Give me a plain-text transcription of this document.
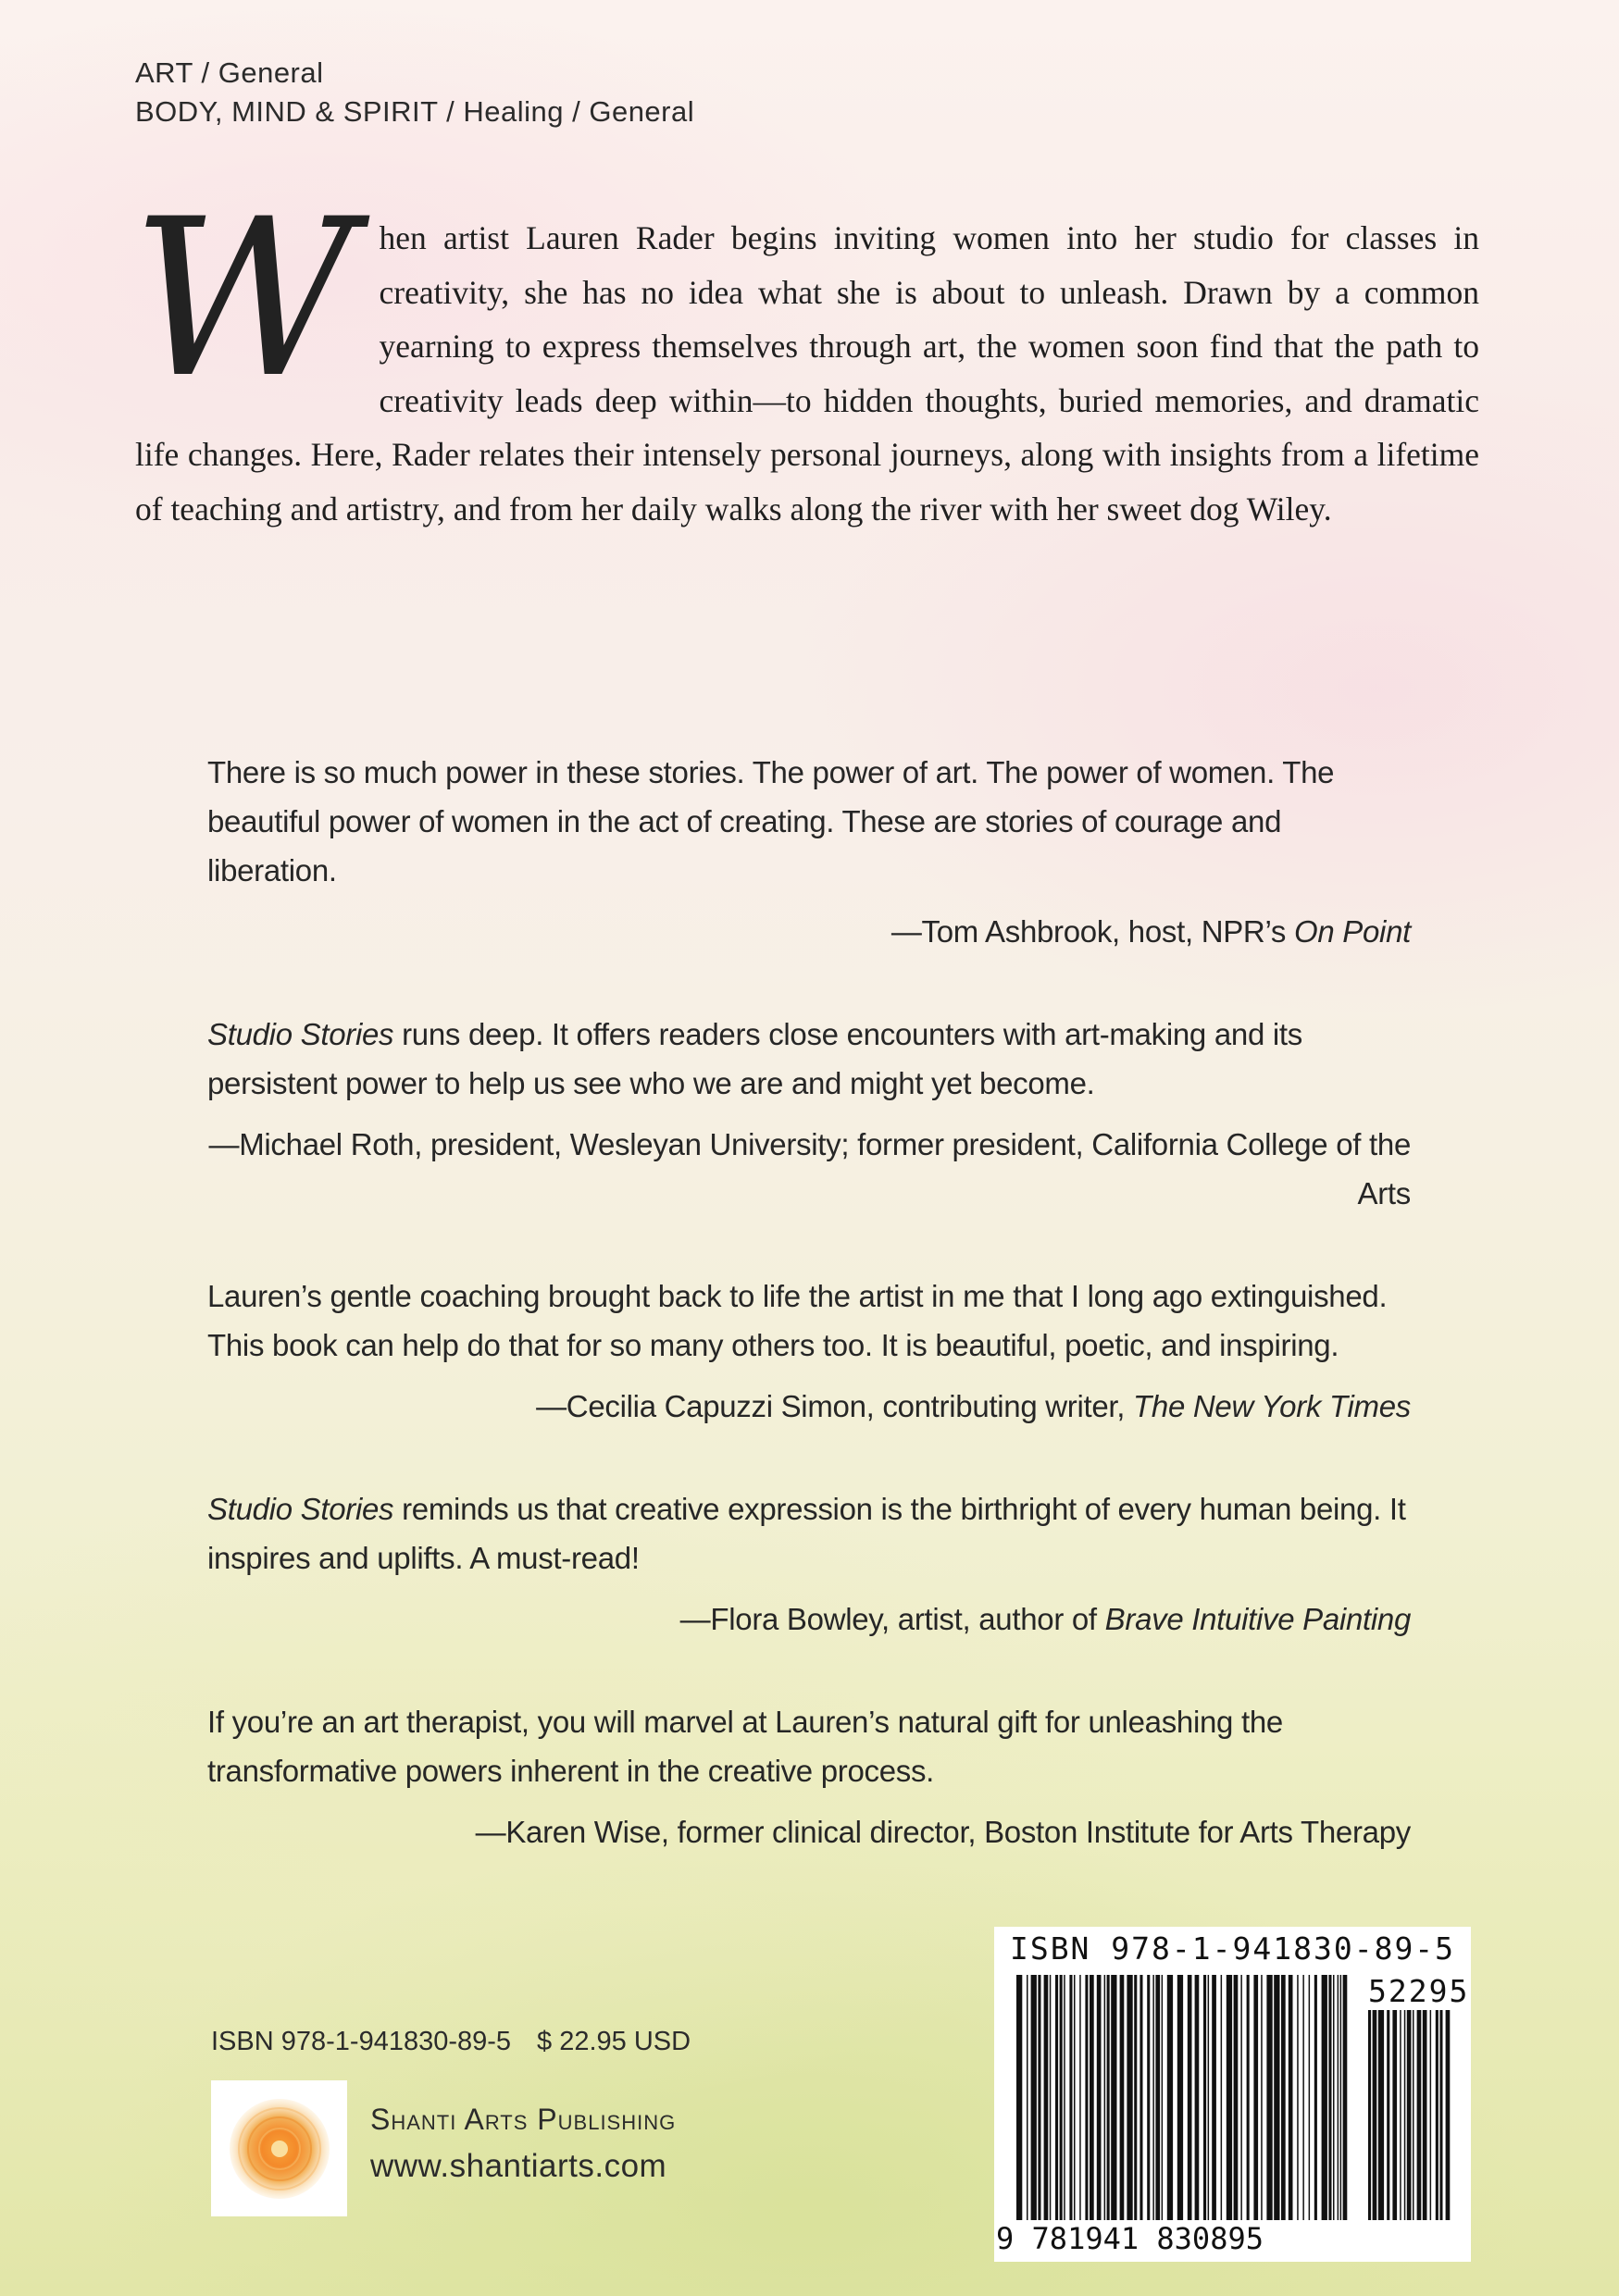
ART / General
BODY, MIND & SPIRIT / Healing / General
When artist Lauren Rader begins inviting women into her studio for classes in creativity, she has no idea what she is about to unleash. Drawn by a common yearning to express themselves through art, the women soon find that the path to creativity leads deep within—to hidden thoughts, buried memories, and dramatic life changes. Here, Rader relates their intensely personal journeys, along with insights from a lifetime of teaching and artistry, and from her daily walks along the river with her sweet dog Wiley.
There is so much power in these stories. The power of art. The power of women. The beautiful power of women in the act of creating. These are stories of courage and liberation.
—Tom Ashbrook, host, NPR’s On Point
Studio Stories runs deep. It offers readers close encounters with art-making and its persistent power to help us see who we are and might yet become.
—Michael Roth, president, Wesleyan University; former president, California College of the Arts
Lauren’s gentle coaching brought back to life the artist in me that I long ago extinguished. This book can help do that for so many others too. It is beautiful, poetic, and inspiring.
—Cecilia Capuzzi Simon, contributing writer, The New York Times
Studio Stories reminds us that creative expression is the birthright of every human being. It inspires and uplifts. A must-read!
—Flora Bowley, artist, author of Brave Intuitive Painting
If you’re an art therapist, you will marvel at Lauren’s natural gift for unleashing the transformative powers inherent in the creative process.
—Karen Wise, former clinical director, Boston Institute for Arts Therapy
ISBN 978-1-941830-89-5
52295
9 781941 830895
ISBN 978-1-941830-89-5 $ 22.95 USD
Shanti Arts Publishing
www.shantiarts.com
